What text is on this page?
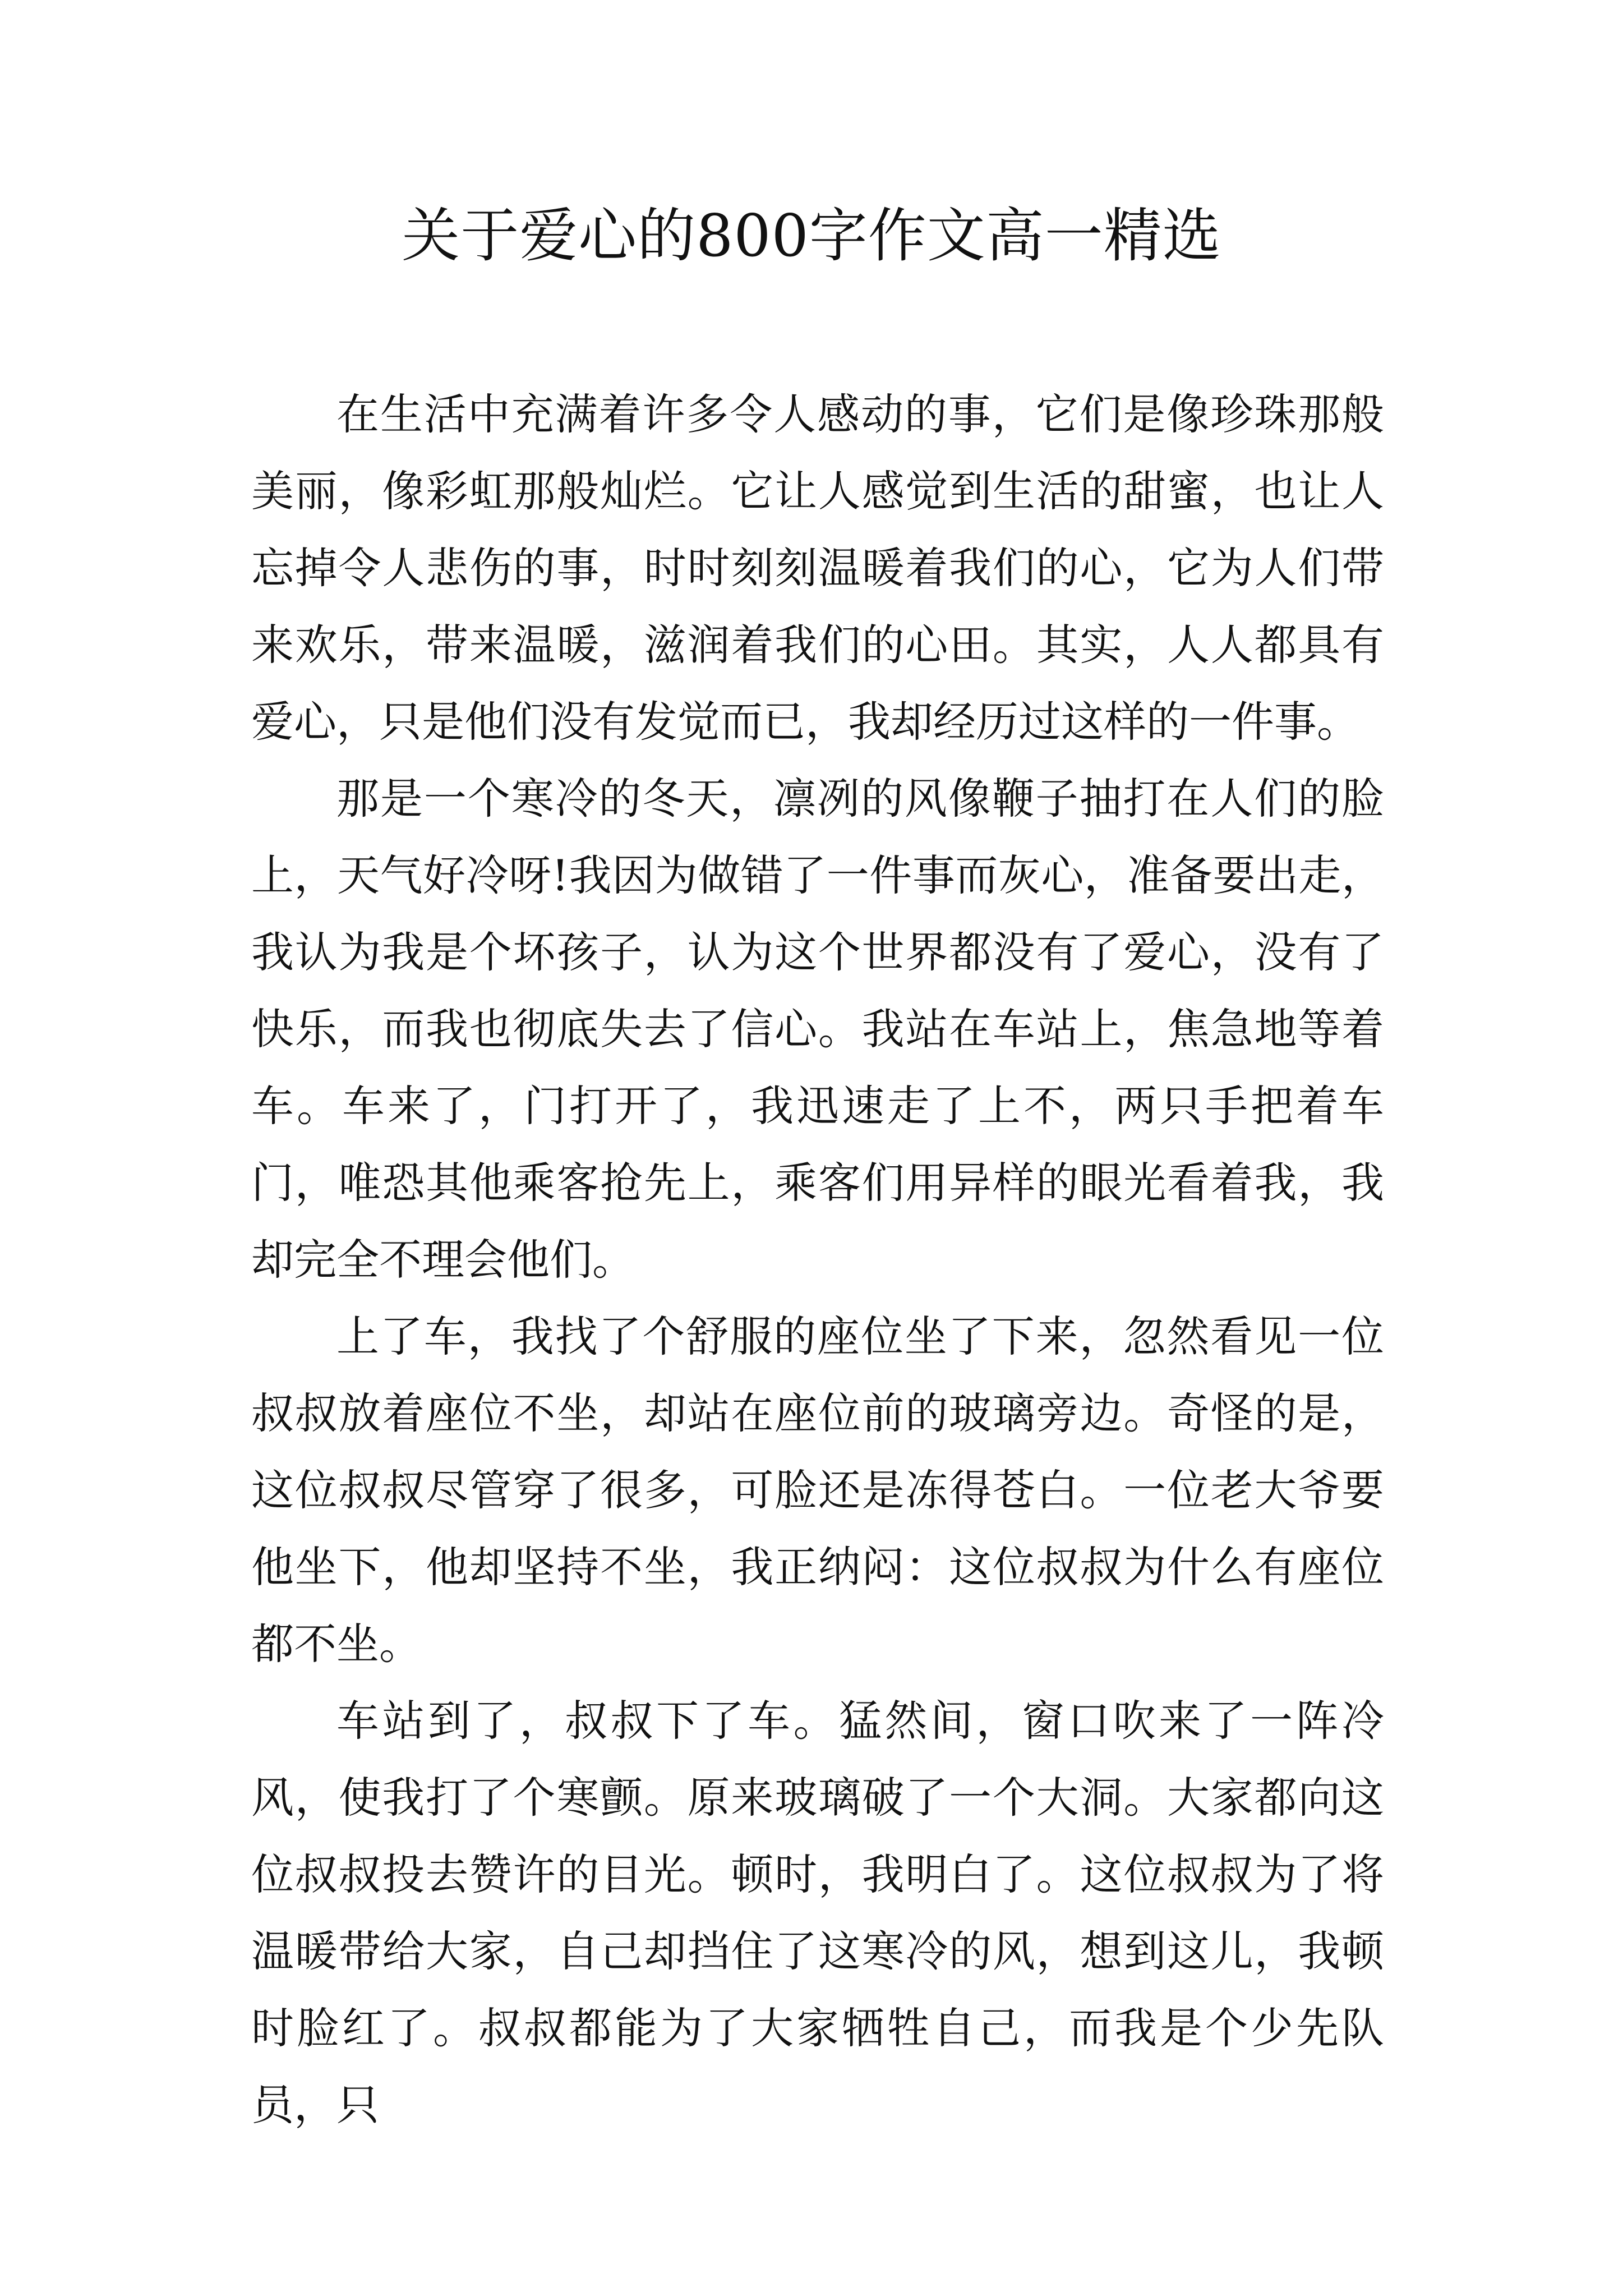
关于爱心的800字作文高一精选

在生活中充满着许多令人感动的事，它们是像珍珠那般美丽，像彩虹那般灿烂。它让人感觉到生活的甜蜜，也让人忘掉令人悲伤的事，时时刻刻温暖着我们的心，它为人们带来欢乐，带来温暖，滋润着我们的心田。其实，人人都具有爱心，只是他们没有发觉而已，我却经历过这样的一件事。

那是一个寒冷的冬天，凛冽的风像鞭子抽打在人们的脸上，天气好冷呀!我因为做错了一件事而灰心，准备要出走，我认为我是个坏孩子，认为这个世界都没有了爱心，没有了快乐，而我也彻底失去了信心。我站在车站上，焦急地等着车。车来了，门打开了，我迅速走了上不，两只手把着车门，唯恐其他乘客抢先上，乘客们用异样的眼光看着我，我却完全不理会他们。

上了车，我找了个舒服的座位坐了下来，忽然看见一位叔叔放着座位不坐，却站在座位前的玻璃旁边。奇怪的是，这位叔叔尽管穿了很多，可脸还是冻得苍白。一位老大爷要他坐下，他却坚持不坐，我正纳闷：这位叔叔为什么有座位都不坐。

车站到了，叔叔下了车。猛然间，窗口吹来了一阵冷风，使我打了个寒颤。原来玻璃破了一个大洞。大家都向这位叔叔投去赞许的目光。顿时，我明白了。这位叔叔为了将温暖带给大家，自己却挡住了这寒冷的风，想到这儿，我顿时脸红了。叔叔都能为了大家牺牲自己，而我是个少先队员，只
